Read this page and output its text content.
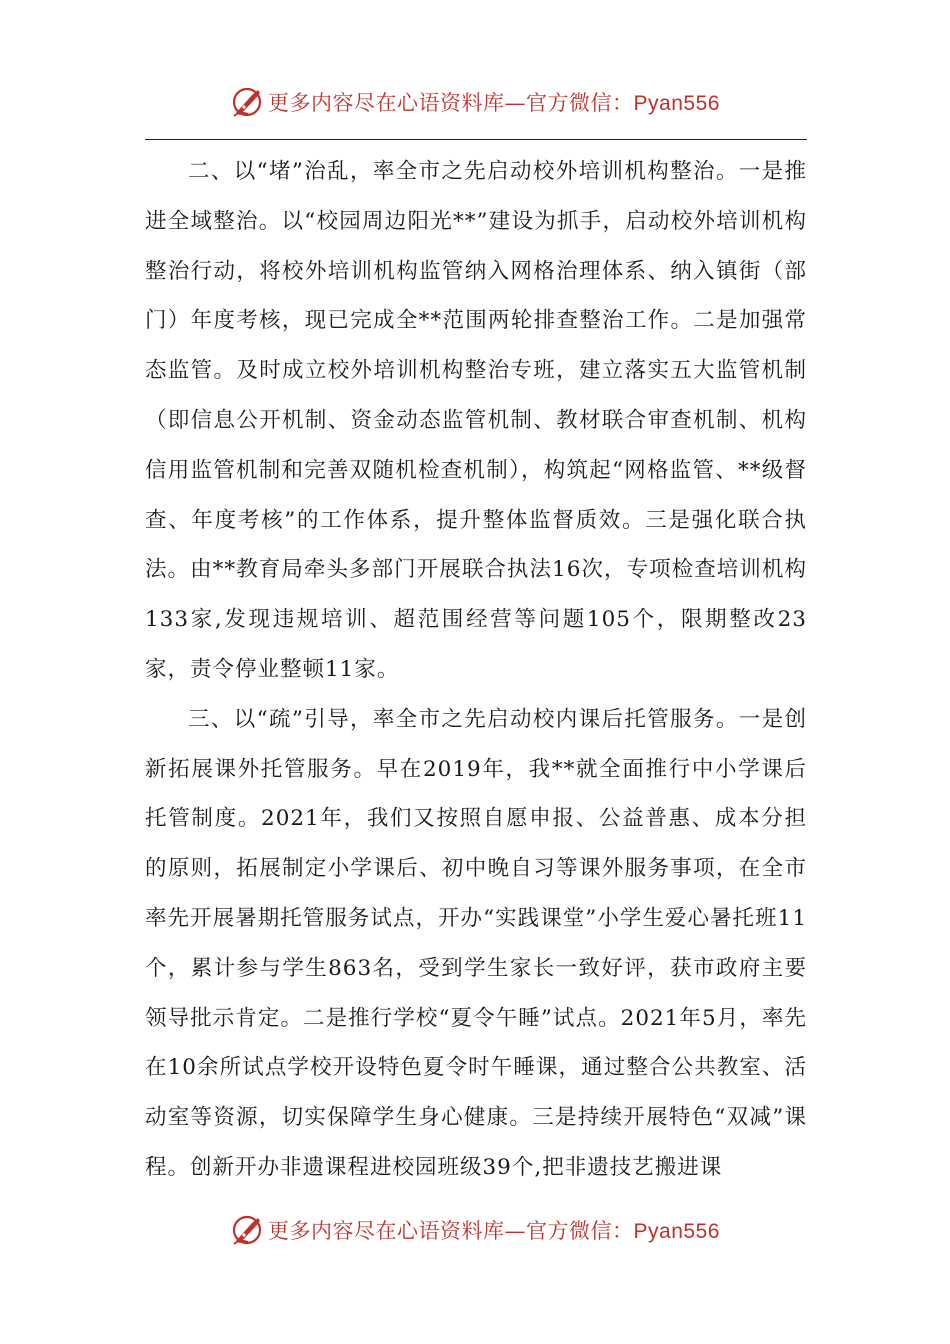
更多内容尽在心语资料库—官方微信：Pyan556

二、以“堵”治乱，率全市之先启动校外培训机构整治。一是推进全域整治。以“校园周边阳光**”建设为抓手，启动校外培训机构整治行动，将校外培训机构监管纳入网格治理体系、纳入镇街（部门）年度考核，现已完成全**范围两轮排查整治工作。二是加强常态监管。及时成立校外培训机构整治专班，建立落实五大监管机制（即信息公开机制、资金动态监管机制、教材联合审查机制、机构信用监管机制和完善双随机检查机制），构筑起“网格监管、**级督查、年度考核”的工作体系，提升整体监督质效。三是强化联合执法。由**教育局牵头多部门开展联合执法16次，专项检查培训机构133家,发现违规培训、超范围经营等问题105个，限期整改23家，责令停业整顿11家。

三、以“疏”引导，率全市之先启动校内课后托管服务。一是创新拓展课外托管服务。早在2019年，我**就全面推行中小学课后托管制度。2021年，我们又按照自愿申报、公益普惠、成本分担的原则，拓展制定小学课后、初中晚自习等课外服务事项，在全市率先开展暑期托管服务试点，开办“实践课堂”小学生爱心暑托班11个，累计参与学生863名，受到学生家长一致好评，获市政府主要领导批示肯定。二是推行学校“夏令午睡”试点。2021年5月，率先在10余所试点学校开设特色夏令时午睡课，通过整合公共教室、活动室等资源，切实保障学生身心健康。三是持续开展特色“双减”课程。创新开办非遗课程进校园班级39个,把非遗技艺搬进课

更多内容尽在心语资料库—官方微信：Pyan556
